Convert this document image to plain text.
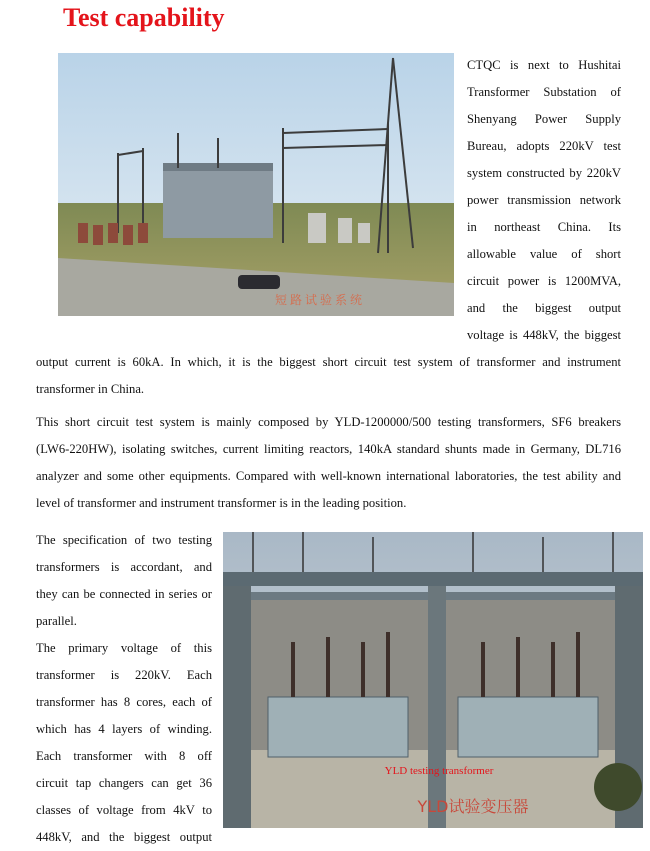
Test capability
短路试验系统

CTQC is next to Hushitai

Transformer Substation of

Shenyang Power Supply

Bureau, adopts 220kV test

system constructed by 220kV

power transmission network

in northeast China. Its

allowable value of short

circuit power is 1200MVA,

and the biggest output

voltage is 448kV, the biggest

output current is 60kA. In which, it is the biggest short circuit test system of transformer and instrument

transformer in China.

This short circuit test system is mainly composed by YLD-1200000/500 testing transformers, SF6 breakers

(LW6-220HW), isolating switches, current limiting reactors, 140kA standard shunts made in Germany, DL716

analyzer and some other equipments. Compared with well-known international laboratories, the test ability and

level of transformer and instrument transformer is in the leading position.

YLD testing transformer
YLD试验变压器

The specification of two testing

transformers is accordant, and

they can be connected in series or

parallel.

The primary voltage of this

transformer is 220kV. Each

transformer has 8 cores, each of

which has 4 layers of winding.

Each transformer with 8 off

circuit tap changers can get 36

classes of voltage from 4kV to

448kV, and the biggest output
